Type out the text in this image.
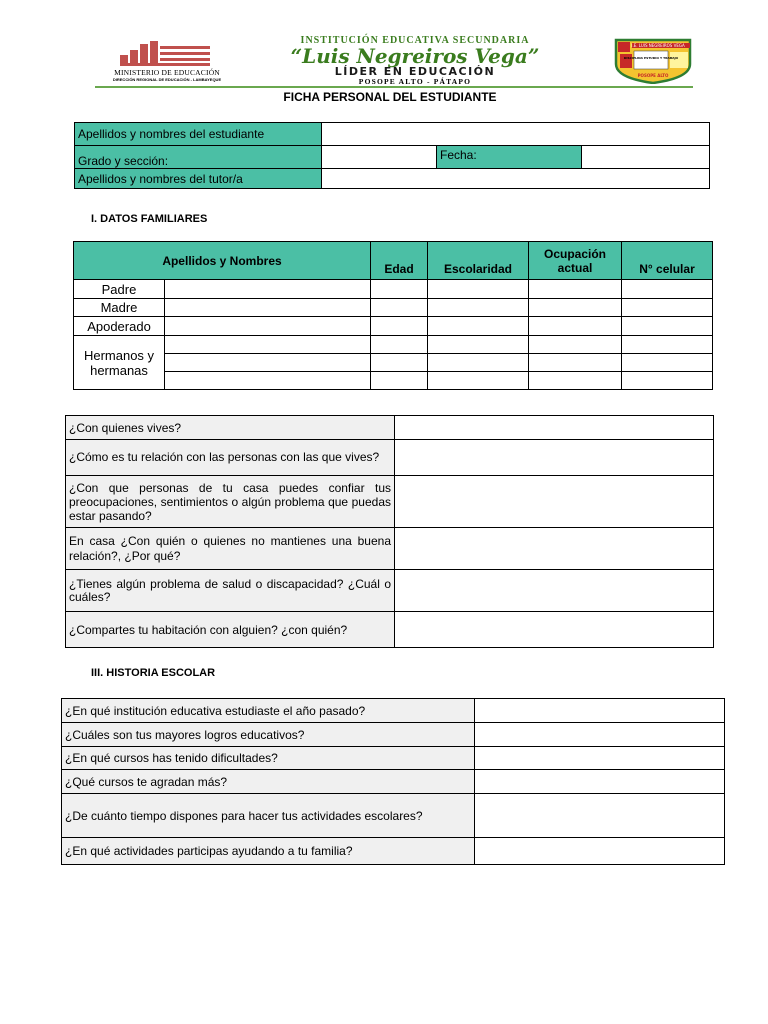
MINISTERIO DE EDUCACIÓN
DIRECCIÓN REGIONAL DE EDUCACIÓN - LAMBAYEQUE
INSTITUCIÓN EDUCATIVA SECUNDARIA
“Luis Negreiros Vega”
LÍDER EN EDUCACIÓN
POSOPE ALTO - PÁTAPO
I.E. LUIS NEGREIROS VEGA
DISCIPLINA ESTUDIO Y TRABAJO
POSOPE ALTO
FICHA PERSONAL DEL ESTUDIANTE
Apellidos y nombres del estudiante			
Grado y sección:		Fecha:	
Apellidos y nombres del tutor/a			
I. DATOS FAMILIARES
Apellidos y Nombres		Edad	Escolaridad	Ocupación actual	N° celular
Padre					
Madre					
Apoderado					
Hermanos y hermanas					

¿Con quienes vives?	
¿Cómo es tu relación con las personas con las que vives?	
¿Con que personas de tu casa puedes confiar tus preocupaciones, sentimientos o algún problema que puedas estar pasando?	
En casa ¿Con quién o quienes no mantienes una buena relación?, ¿Por qué?	
¿Tienes algún problema de salud o discapacidad? ¿Cuál o cuáles?	
¿Compartes tu habitación con alguien? ¿con quién?	
III. HISTORIA ESCOLAR
¿En qué institución educativa estudiaste el año pasado?	
¿Cuáles son tus mayores logros educativos?	
¿En qué cursos has tenido dificultades?	
¿Qué cursos te agradan más?	
¿De cuánto tiempo dispones para hacer tus actividades escolares?	
¿En qué actividades participas ayudando a tu familia?	
